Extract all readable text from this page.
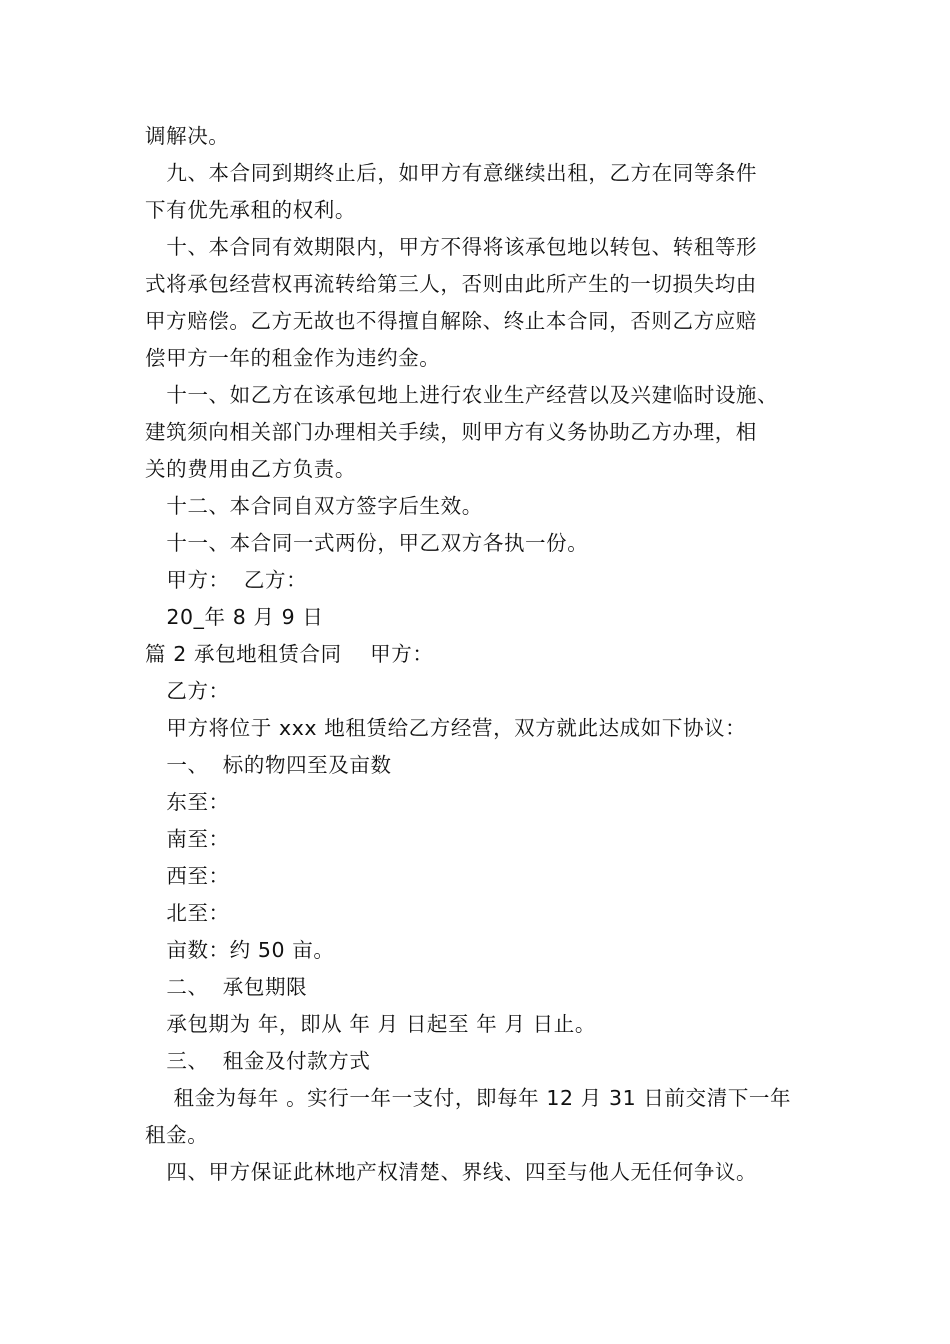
调解决。
九、本合同到期终止后，如甲方有意继续出租，乙方在同等条件
下有优先承租的权利。
十、本合同有效期限内，甲方不得将该承包地以转包、转租等形
式将承包经营权再流转给第三人，否则由此所产生的一切损失均由
甲方赔偿。乙方无故也不得擅自解除、终止本合同，否则乙方应赔
偿甲方一年的租金作为违约金。
十一、如乙方在该承包地上进行农业生产经营以及兴建临时设施、
建筑须向相关部门办理相关手续，则甲方有义务协助乙方办理，相
关的费用由乙方负责。
十二、本合同自双方签字后生效。
十一、本合同一式两份，甲乙双方各执一份。
甲方：  乙方：
20_年 8 月 9 日
篇 2 承包地租赁合同    甲方：
乙方：
甲方将位于 xxx 地租赁给乙方经营，双方就此达成如下协议：
一、  标的物四至及亩数
东至：
南至：
西至：
北至：
亩数：约 50 亩。
二、  承包期限
承包期为 年，即从 年 月 日起至 年 月 日止。
三、  租金及付款方式
租金为每年 。实行一年一支付，即每年 12 月 31 日前交清下一年
租金。
四、甲方保证此林地产权清楚、界线、四至与他人无任何争议。
